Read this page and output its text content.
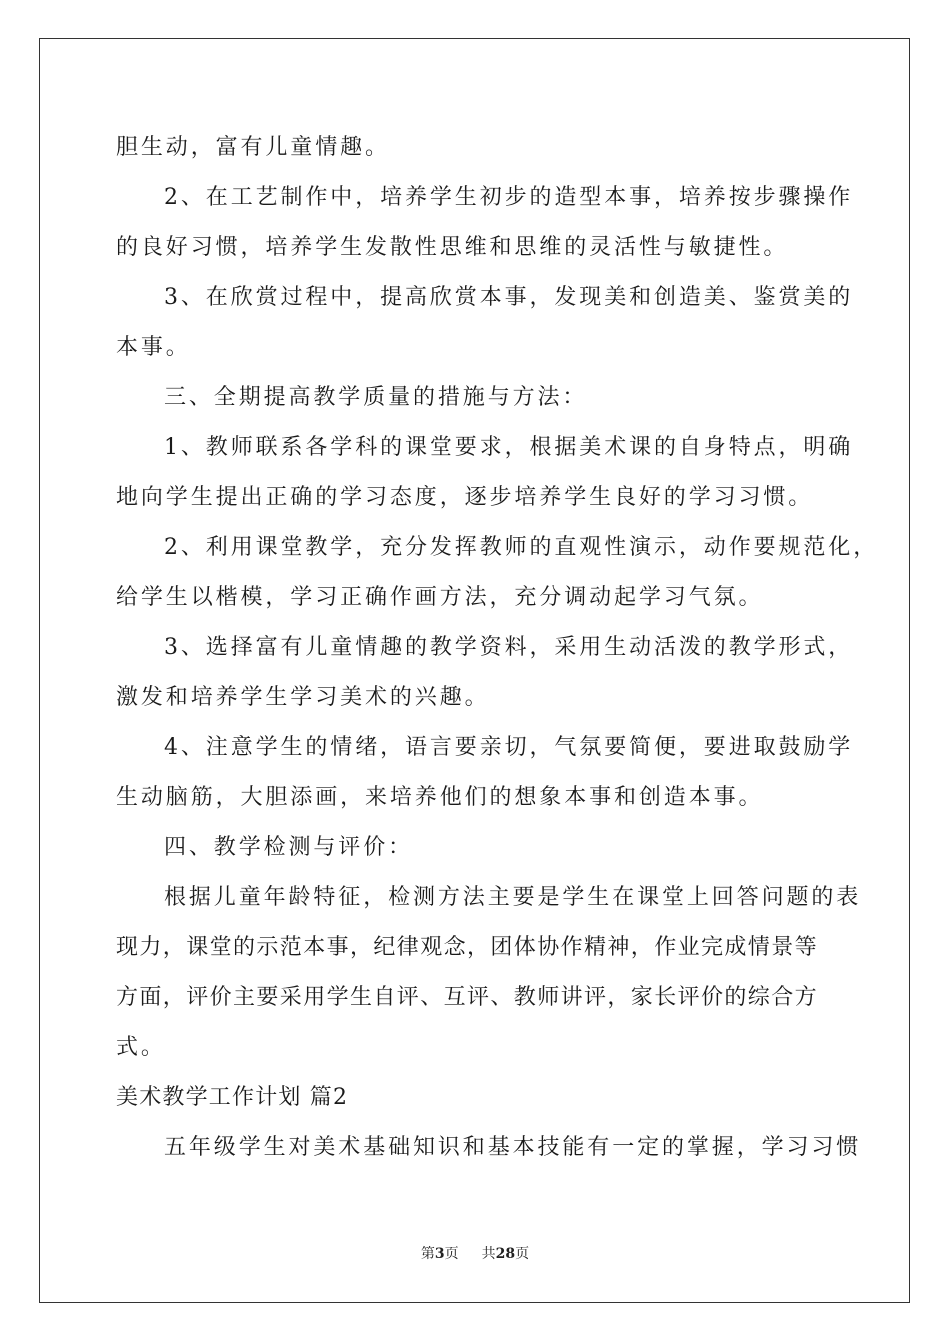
胆生动，富有儿童情趣。
2、在工艺制作中，培养学生初步的造型本事，培养按步骤操作
的良好习惯，培养学生发散性思维和思维的灵活性与敏捷性。
3、在欣赏过程中，提高欣赏本事，发现美和创造美、鉴赏美的
本事。
三、全期提高教学质量的措施与方法：
1、教师联系各学科的课堂要求，根据美术课的自身特点，明确
地向学生提出正确的学习态度，逐步培养学生良好的学习习惯。
2、利用课堂教学，充分发挥教师的直观性演示，动作要规范化，
给学生以楷模，学习正确作画方法，充分调动起学习气氛。
3、选择富有儿童情趣的教学资料，采用生动活泼的教学形式，
激发和培养学生学习美术的兴趣。
4、注意学生的情绪，语言要亲切，气氛要简便，要进取鼓励学
生动脑筋，大胆添画，来培养他们的想象本事和创造本事。
四、教学检测与评价：
根据儿童年龄特征，检测方法主要是学生在课堂上回答问题的表
现力，课堂的示范本事，纪律观念，团体协作精神，作业完成情景等
方面，评价主要采用学生自评、互评、教师讲评，家长评价的综合方
式。
美术教学工作计划 篇2
五年级学生对美术基础知识和基本技能有一定的掌握，学习习惯
第3页 共28页
